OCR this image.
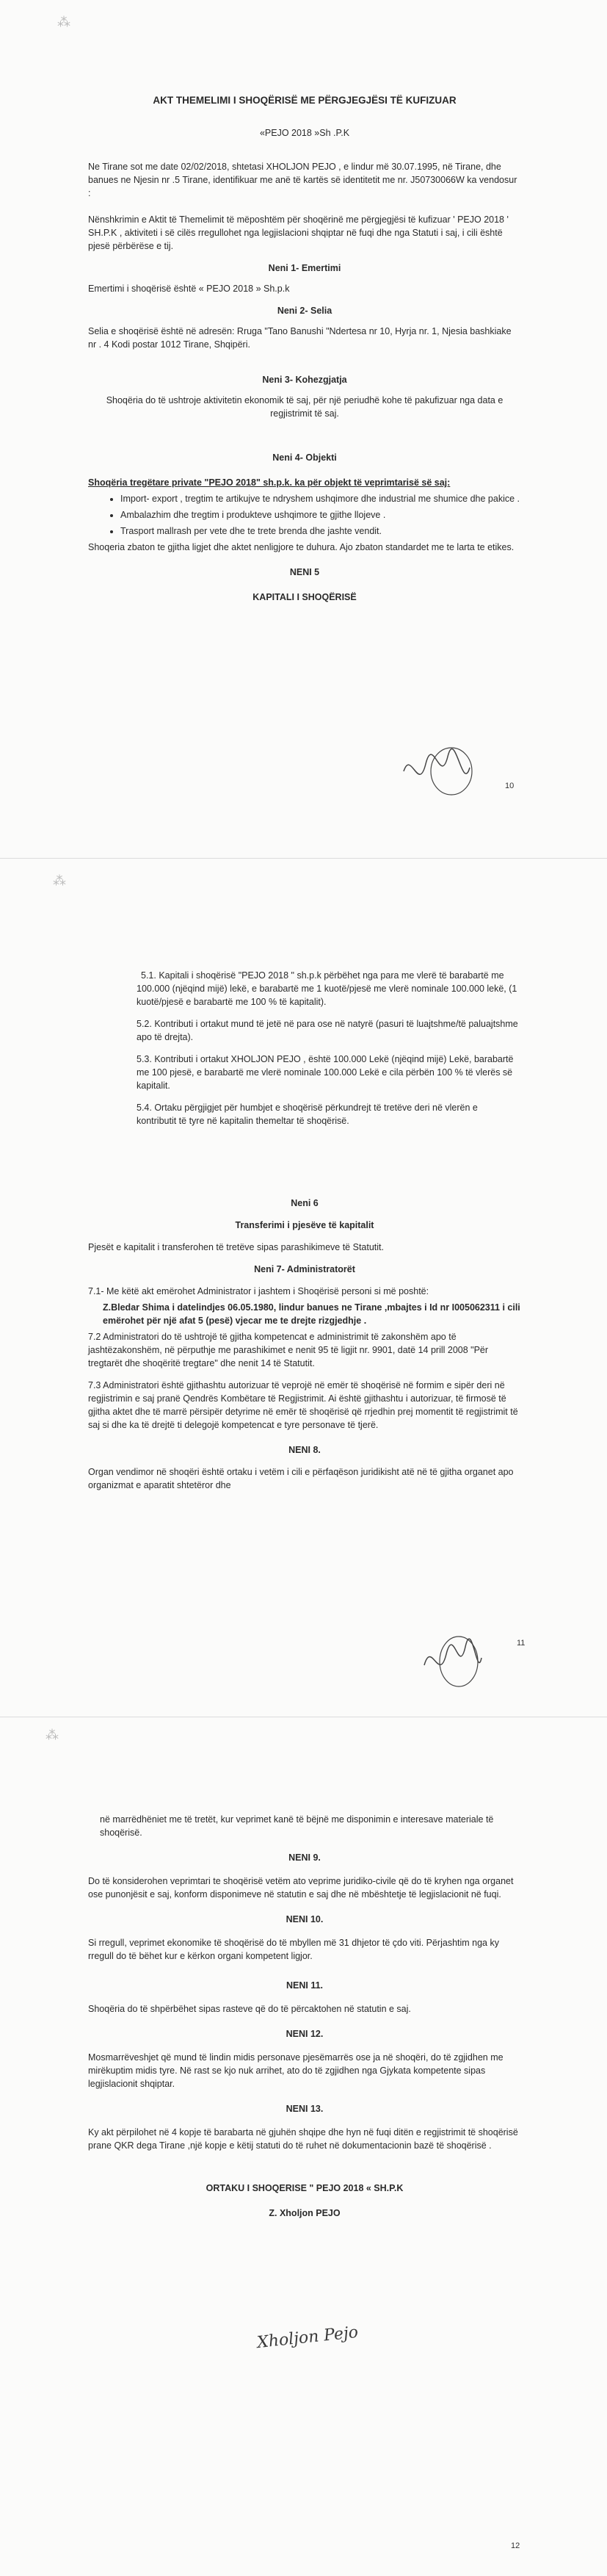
⁂
AKT THEMELIMI I SHOQËRISË ME PËRGJEGJËSI TË KUFIZUAR
«PEJO 2018 »Sh .P.K

Ne Tirane sot me date 02/02/2018, shtetasi XHOLJON PEJO , e lindur më 30.07.1995, në Tirane, dhe banues ne Njesin nr .5 Tirane, identifikuar me anë të kartës së identitetit me nr. J50730066W ka vendosur :

Nënshkrimin e Aktit të Themelimit të mëposhtëm për shoqërinë me përgjegjësi të kufizuar ' PEJO 2018 ' SH.P.K , aktiviteti i së cilës rregullohet nga legjislacioni shqiptar në fuqi dhe nga Statuti i saj, i cili është pjesë përbërëse e tij.

Neni 1- Emertimi

Emertimi i shoqërisë është « PEJO 2018 » Sh.p.k

Neni 2- Selia

Selia e shoqërisë është në adresën: Rruga "Tano Banushi "Ndertesa nr 10, Hyrja nr. 1, Njesia bashkiake nr . 4 Kodi postar 1012 Tirane, Shqipëri.

Neni 3- Kohezgjatja

Shoqëria do të ushtroje aktivitetin ekonomik të saj, për një periudhë kohe të pakufizuar nga data e regjistrimit të saj.

Neni 4- Objekti

Shoqëria tregëtare private "PEJO 2018" sh.p.k. ka për objekt të veprimtarisë së saj:

• Import- export , tregtim te artikujve te ndryshem ushqimore dhe industrial me shumice dhe pakice .
• Ambalazhim dhe tregtim i produkteve ushqimore te gjithe llojeve .
• Trasport mallrash per vete dhe te trete brenda dhe jashte vendit.

Shoqeria zbaton te gjitha ligjet dhe aktet nenligjore te duhura. Ajo zbaton standardet me te larta te etikes.

NENI 5
KAPITALI I SHOQËRISË
10
⁂

5.1. Kapitali i shoqërisë "PEJO 2018 " sh.p.k përbëhet nga para me vlerë të barabartë me 100.000 (njëqind mijë) lekë, e barabartë me 1 kuotë/pjesë me vlerë nominale 100.000 lekë, (1 kuotë/pjesë e barabartë me 100 % të kapitalit).

5.2. Kontributi i ortakut mund të jetë në para ose në natyrë (pasuri të luajtshme/të paluajtshme apo të drejta).

5.3. Kontributi i ortakut XHOLJON PEJO , është 100.000 Lekë (njëqind mijë) Lekë, barabartë me 100 pjesë, e barabartë me vlerë nominale 100.000 Lekë e cila përbën 100 % të vlerës së kapitalit.

5.4. Ortaku përgjigjet për humbjet e shoqërisë përkundrejt të tretëve deri në vlerën e kontributit të tyre në kapitalin themeltar të shoqërisë.

Neni 6
Transferimi i pjesëve të kapitalit

Pjesët e kapitalit i transferohen të tretëve sipas parashikimeve të Statutit.

Neni 7- Administratorët

7.1- Me këtë akt emërohet Administrator i jashtem i Shoqërisë personi si më poshtë:

Z.Bledar Shima i datelindjes 06.05.1980, lindur banues ne Tirane ,mbajtes i Id nr I005062311 i cili emërohet për një afat 5 (pesë) vjecar me te drejte rizgjedhje .

7.2 Administratori do të ushtrojë të gjitha kompetencat e administrimit të zakonshëm apo të jashtëzakonshëm, në përputhje me parashikimet e nenit 95 të ligjit nr. 9901, datë 14 prill 2008 "Për tregtarët dhe shoqëritë tregtare" dhe nenit 14 të Statutit.

7.3 Administratori është gjithashtu autorizuar të veprojë në emër të shoqërisë në formim e sipër deri në regjistrimin e saj pranë Qendrës Kombëtare të Regjistrimit. Ai është gjithashtu i autorizuar, të firmosë të gjitha aktet dhe të marrë përsipër detyrime në emër të shoqërisë që rrjedhin prej momentit të regjistrimit të saj si dhe ka të drejtë ti delegojë kompetencat e tyre personave të tjerë.

NENI 8.

Organ vendimor në shoqëri është ortaku i vetëm i cili e përfaqëson juridikisht atë në të gjitha organet apo organizmat e aparatit shtetëror dhe

11
⁂

në marrëdhëniet me të tretët, kur veprimet kanë të bëjnë me disponimin e interesave materiale të shoqërisë.

NENI 9.

Do të konsiderohen veprimtari te shoqërisë vetëm ato veprime juridiko-civile që do të kryhen nga organet ose punonjësit e saj, konform disponimeve në statutin e saj dhe në mbështetje të legjislacionit në fuqi.

NENI 10.

Si rregull, veprimet ekonomike të shoqërisë do të mbyllen më 31 dhjetor të çdo viti. Përjashtim nga ky rregull do të bëhet kur e kërkon organi kompetent ligjor.

NENI 11.

Shoqëria do të shpërbëhet sipas rasteve që do të përcaktohen në statutin e saj.

NENI 12.

Mosmarrëveshjet që mund të lindin midis personave pjesëmarrës ose ja në shoqëri, do të zgjidhen me mirëkuptim midis tyre. Në rast se kjo nuk arrihet, ato do të zgjidhen nga Gjykata kompetente sipas legjislacionit shqiptar.

NENI 13.

Ky akt përpilohet në 4 kopje të barabarta në gjuhën shqipe dhe hyn në fuqi ditën e regjistrimit të shoqërisë prane QKR dega Tirane ,një kopje e këtij statuti do të ruhet në dokumentacionin bazë të shoqërisë .

ORTAKU I SHOQERISE " PEJO 2018 « SH.P.K
Z. Xholjon PEJO
Xholjon Pejo
12
